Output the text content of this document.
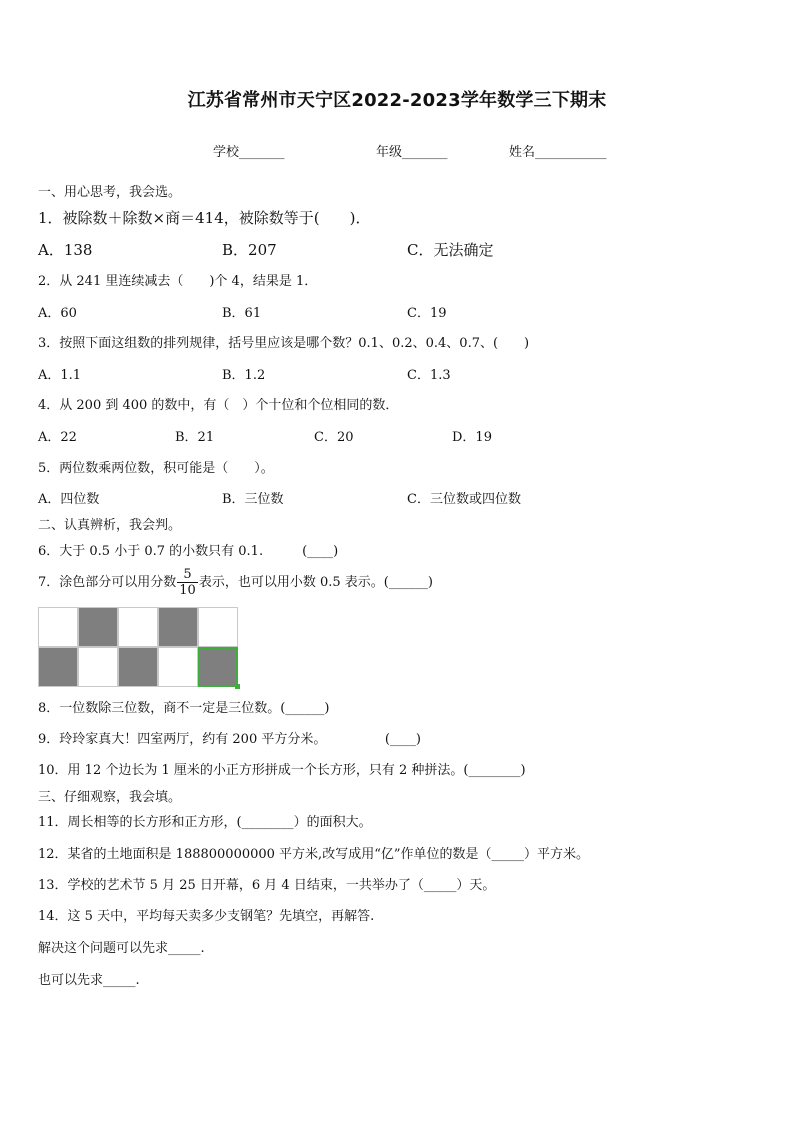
江苏省常州市天宁区2022-2023学年数学三下期末
学校_______	年级_______	姓名___________
一、用心思考，我会选。
1．被除数＋除数×商＝414，被除数等于(　　)．
A．138	B．207	C．无法确定
2．从 241 里连续减去（　　)个 4，结果是 1．
A．60	B．61	C．19
3．按照下面这组数的排列规律，括号里应该是哪个数？0.1、0.2、0.4、0.7、(　　)
A．1.1	B．1.2	C．1.3
4．从 200 到 400 的数中，有（　）个十位和个位相同的数．
A．22	B．21	C．20	D．19
5．两位数乘两位数，积可能是（　　）。
A．四位数	B．三位数	C．三位数或四位数
二、认真辨析，我会判。
6．大于 0.5 小于 0.7 的小数只有 0.1.　　　(____)
7．涂色部分可以用分数 $\frac{5}{10}$ 表示，也可以用小数 0.5 表示。(______)
8．一位数除三位数，商不一定是三位数。(______)
9．玲玲家真大！四室两厅，约有 200 平方分米。　　　　　(____)
10．用 12 个边长为 1 厘米的小正方形拼成一个长方形，只有 2 种拼法。(________)
三、仔细观察，我会填。
11．周长相等的长方形和正方形，(________）的面积大。
12．某省的土地面积是 188800000000 平方米,改写成用“亿”作单位的数是（_____）平方米。
13．学校的艺术节 5 月 25 日开幕，6 月 4 日结束，一共举办了（_____）天。
14．这 5 天中，平均每天卖多少支钢笔？先填空，再解答.
解决这个问题可以先求_____.
也可以先求_____.
